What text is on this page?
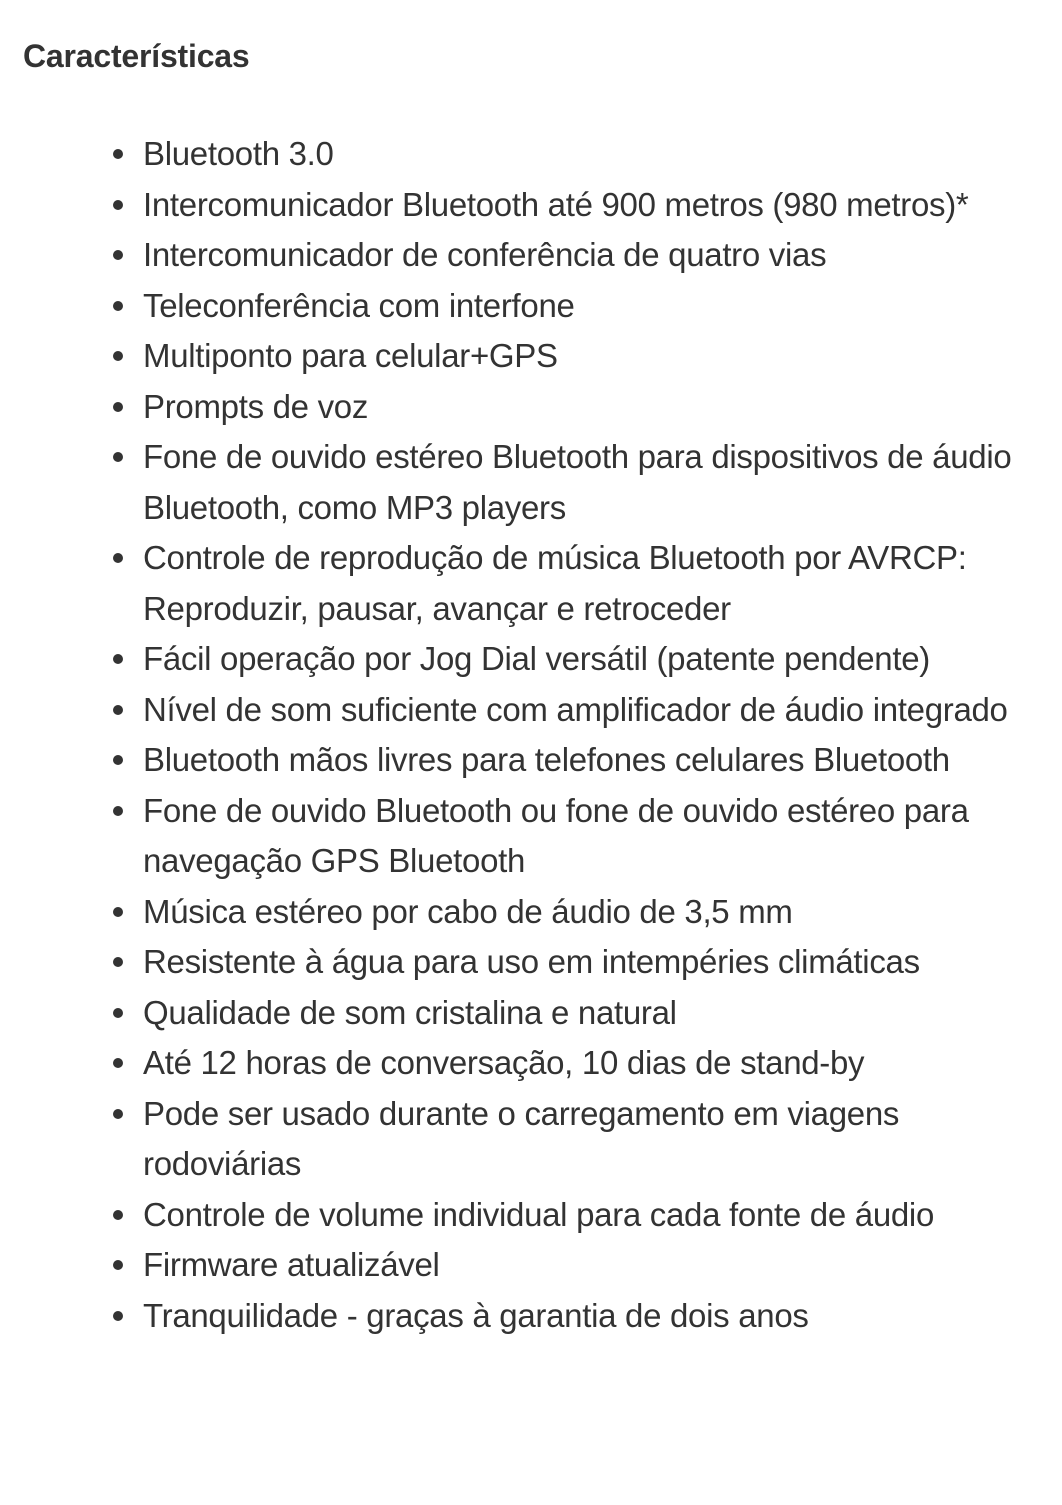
Características
Bluetooth 3.0
Intercomunicador Bluetooth até 900 metros (980 metros)*
Intercomunicador de conferência de quatro vias
Teleconferência com interfone
Multiponto para celular+GPS
Prompts de voz
Fone de ouvido estéreo Bluetooth para dispositivos de áudio Bluetooth, como MP3 players
Controle de reprodução de música Bluetooth por AVRCP: Reproduzir, pausar, avançar e retroceder
Fácil operação por Jog Dial versátil (patente pendente)
Nível de som suficiente com amplificador de áudio integrado
Bluetooth mãos livres para telefones celulares Bluetooth
Fone de ouvido Bluetooth ou fone de ouvido estéreo para navegação GPS Bluetooth
Música estéreo por cabo de áudio de 3,5 mm
Resistente à água para uso em intempéries climáticas
Qualidade de som cristalina e natural
Até 12 horas de conversação, 10 dias de stand-by
Pode ser usado durante o carregamento em viagens rodoviárias
Controle de volume individual para cada fonte de áudio
Firmware atualizável
Tranquilidade - graças à garantia de dois anos
